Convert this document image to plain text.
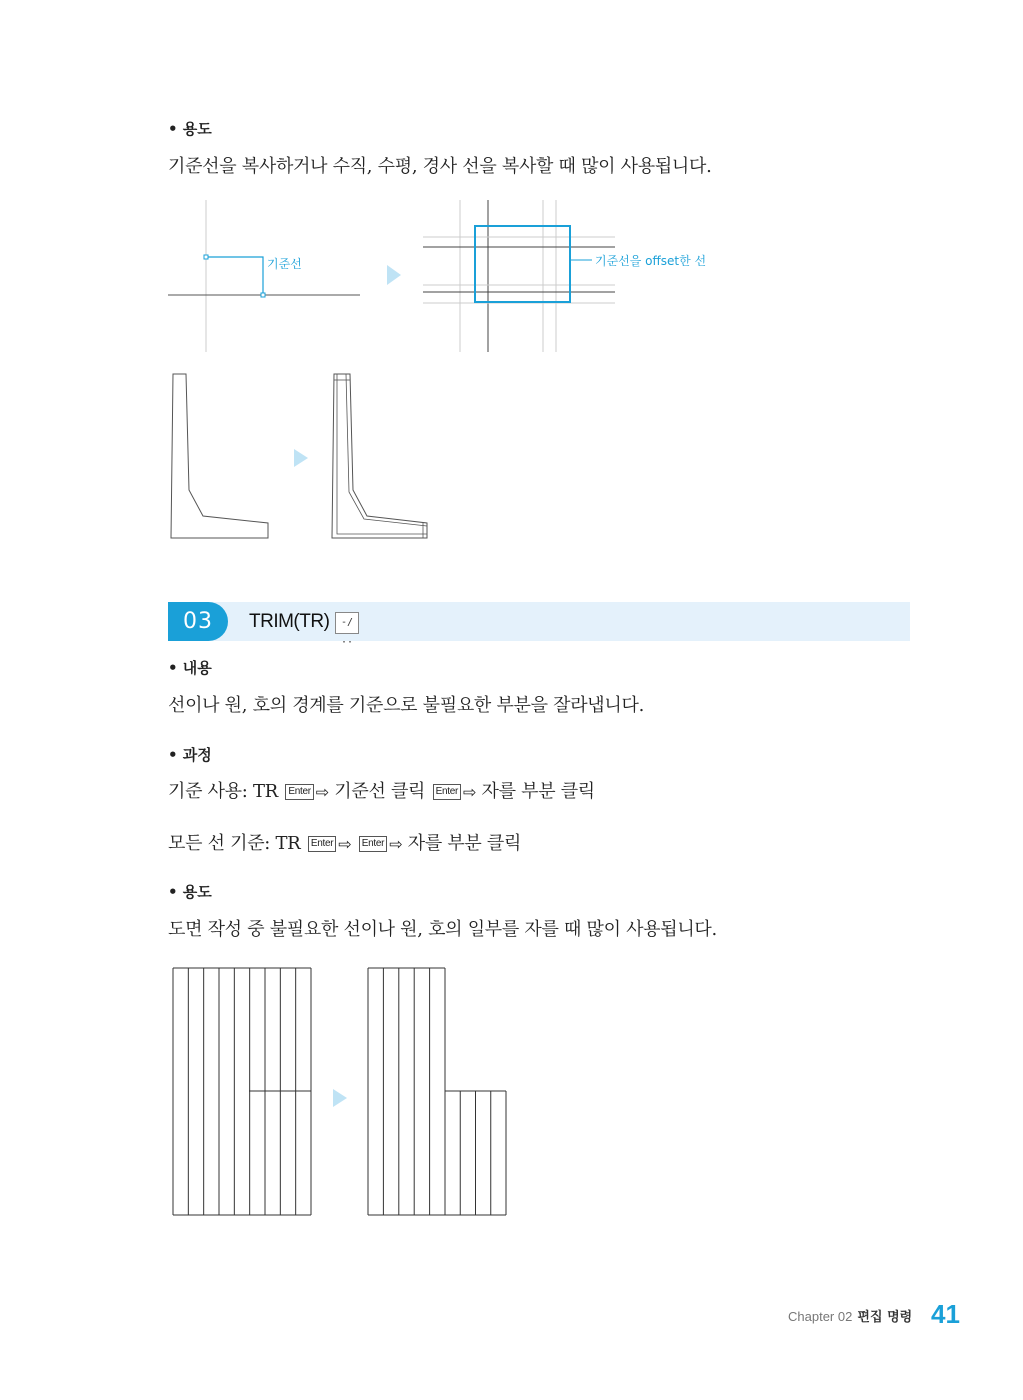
• 용도
기준선을 복사하거나 수직, 수평, 경사 선을 복사할 때 많이 사용됩니다.
기준선	기준선을 offset한 선
03	TRIM(TR)	-/··
• 내용
선이나 원, 호의 경계를 기준으로 불필요한 부분을 잘라냅니다.
• 과정
기준 사용: TR Enter ⇨ 기준선 클릭 Enter ⇨ 자를 부분 클릭
모든 선 기준: TR Enter ⇨ Enter ⇨ 자를 부분 클릭
• 용도
도면 작성 중 불필요한 선이나 원, 호의 일부를 자를 때 많이 사용됩니다.
Chapter 02 편집 명령 41
